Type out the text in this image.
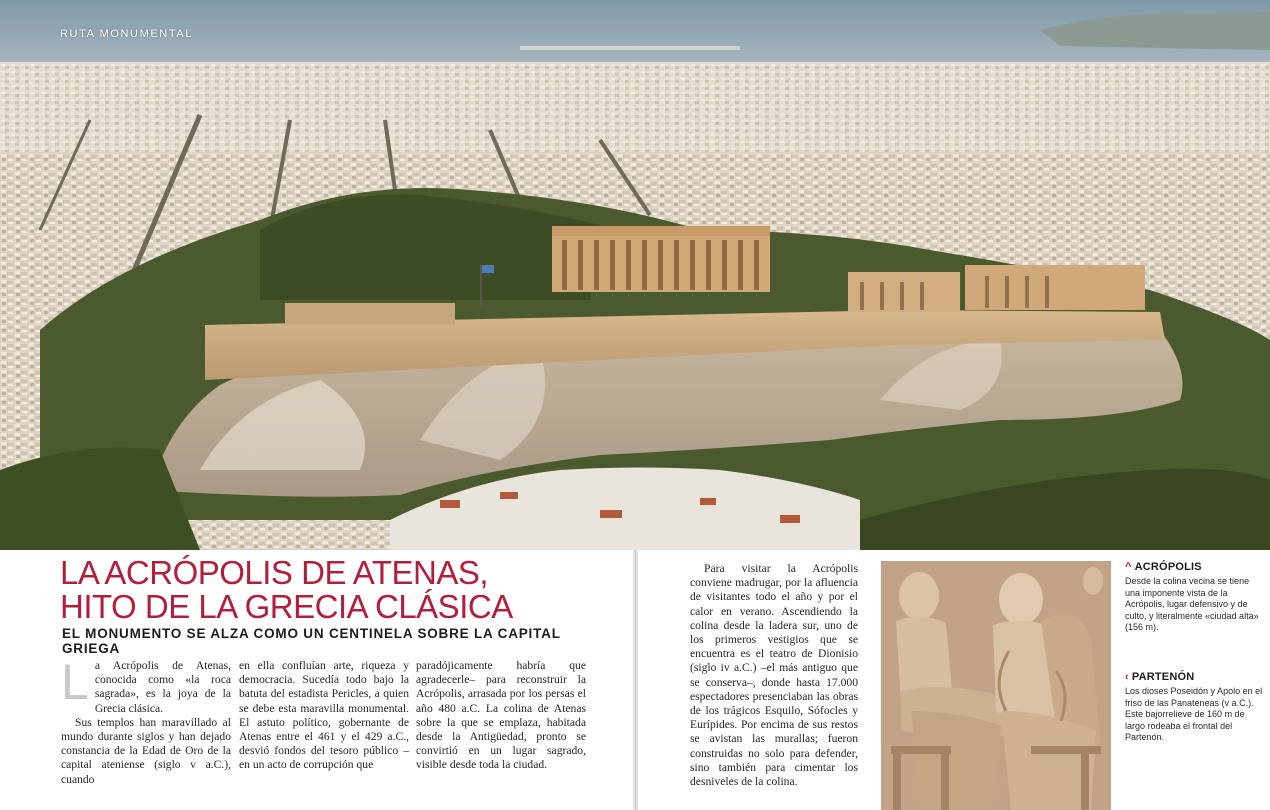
RUTA MONUMENTAL
LA ACRÓPOLIS DE ATENAS,
HITO DE LA GRECIA CLÁSICA
EL MONUMENTO SE ALZA COMO UN CENTINELA SOBRE LA CAPITAL GRIEGA

La Acrópolis de Atenas, conocida como «la roca sagrada», es la joya de la Grecia clásica.

Sus templos han maravillado al mundo durante siglos y han dejado constancia de la Edad de Oro de la capital ateniense (siglo v a.C.), cuando

en ella confluían arte, riqueza y democracia. Sucedía todo bajo la batuta del estadista Pericles, a quien se debe esta maravilla monumental. El astuto político, gobernante de Atenas entre el 461 y el 429 a.C., desvió fondos del tesoro público –en un acto de corrupción que

paradójicamente habría que agradecerle– para reconstruir la Acrópolis, arrasada por los persas el año 480 a.C. La colina de Atenas sobre la que se emplaza, habitada desde la Antigüedad, pronto se convirtió en un lugar sagrado, visible desde toda la ciudad.

Para visitar la Acrópolis conviene madrugar, por la afluencia de visitantes todo el año y por el calor en verano. Ascendiendo la colina desde la ladera sur, uno de los primeros vestigios que se encuentra es el teatro de Dionisio (siglo iv a.C.) –el más antiguo que se conserva–, donde hasta 17.000 espectadores presenciaban las obras de los trágicos Esquilo, Sófocles y Eurípides. Por encima de sus restos se avistan las murallas; fueron construidas no solo para defender, sino también para cimentar los desniveles de la colina.

^ ACRÓPOLIS

Desde la colina vecina se tiene una imponente vista de la Acrópolis, lugar defensivo y de culto, y literalmente «ciudad alta» (156 m).

‹ PARTENÓN

Los dioses Poseidón y Apolo en el friso de las Panateneas (v a.C.). Este bajorrelieve de 160 m de largo rodeaba el frontal del Partenón.
